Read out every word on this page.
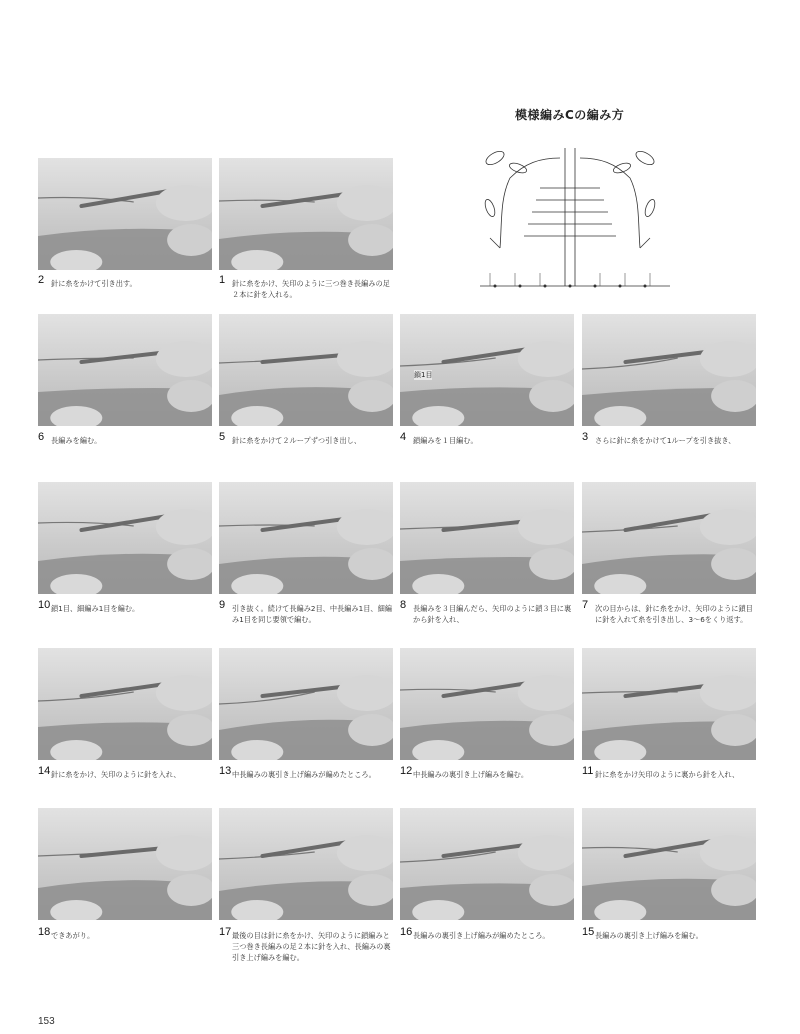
模様編みCの編み方
2 針に糸をかけて引き出す。	1 針に糸をかけ、矢印のように三つ巻き長編みの足２本に針を入れる。
6 長編みを編む。	5 針に糸をかけて２ループずつ引き出し、
鎖1目
4 鎖編みを１目編む。	3 さらに針に糸をかけて1ループを引き抜き、
10 鎖1目、細編み1目を編む。	9 引き抜く。続けて長編み2目、中長編み1目、細編み1目を同じ要領で編む。
8 長編みを３目編んだら、矢印のように鎖３目に裏から針を入れ、
7 次の目からは、針に糸をかけ、矢印のように鎖目に針を入れて糸を引き出し、3〜6をくり返す。
14 針に糸をかけ、矢印のように針を入れ、	13 中長編みの裏引き上げ編みが編めたところ。	12 中長編みの裏引き上げ編みを編む。	11 針に糸をかけ矢印のように裏から針を入れ、
18 できあがり。	17 最後の目は針に糸をかけ、矢印のように鎖編みと三つ巻き長編みの足２本に針を入れ、長編みの裏引き上げ編みを編む。
16 長編みの裏引き上げ編みが編めたところ。	15 長編みの裏引き上げ編みを編む。
153
